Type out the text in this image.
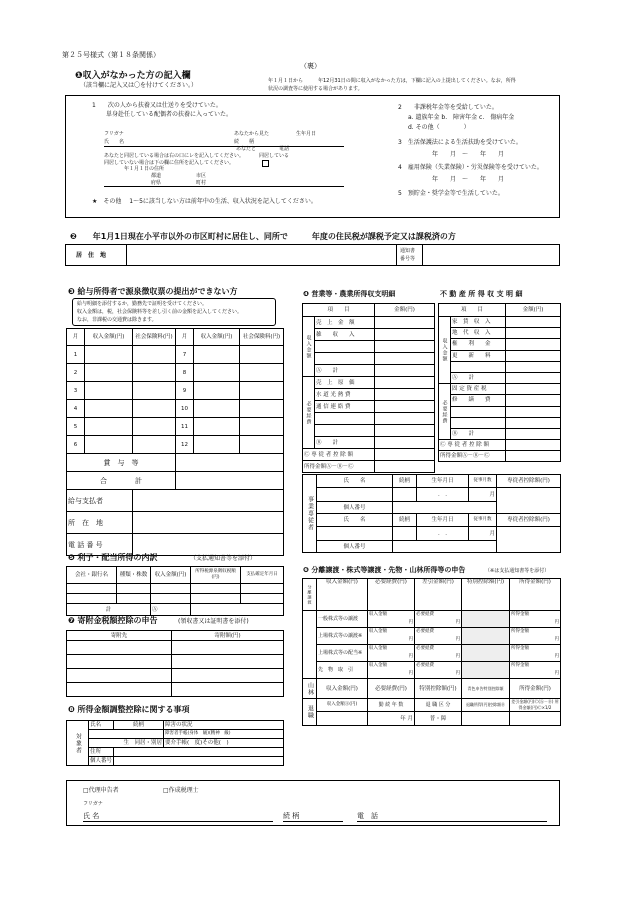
第２５号様式（第１８条関係）
（裏）
❶収入がなかった方の記入欄
（該当欄に記入又は〇を付けてください。）
年１月１日から　　　年12月31日の間に収入がなかった方は，下欄に記入の上提出してください。なお，所得
状況の調査等に使用する場合があります。
1　　次の人から扶養又は仕送りを受けていた。
単身赴任している配偶者の扶養に入っていた。
フリガナ
氏　　名
あなたから見た
続　　柄
生年月日
あなたと	電話
あなたと同居している場合は右の口にレを記入してください。
同居していない場合は下の欄に住所を記入してください。
同居している
年１月１日の住所
都道
府県
市区
町村
★　その他　 1～5に該当しない方は前年中の生活、収入状況を記入してください。
2　　非課税年金等を受給していた。
a. 遺族年金 b.　障害年金 c.　傷病年金
d. その他（　　　　）
3　生活保護法による生活扶助を受けていた。
年　　月　～　　年　　月
4　雇用保険（失業保険）・労災保険等を受けていた。
年　　月　～　　年　　月
5　預貯金・奨学金等で生活していた。
❷　　年1月1日現在小平市以外の市区町村に居住し、同所で　　　年度の住民税が課税予定又は課税済の方
居　住　地
通知書
番号等
❸ 給与所得者で源泉徴収票の提出ができない方
給与明細を添付するか，勤務先で証明を受けてください。
収入金額は，税，社会保険料等を差し引く前の金額を記入してください。
なお，非課税の交通費は除きます。
月	収入金額(円)	社会保険料(円)	月	収入金額(円)	社会保険料(円)
1			7		
2			8		
3			9		
4			10		
5			11		
6			12		
賞　与　等					
合　　　　計					
給与支払者					
所　在　地					
電 話 番 号					
❹ 営業等・農業所得収支明細	不 動 産 所 得 収 支 明 細
項　　目		金額(円)
収入金額	売　上　金　額	
	雑　　収　　入	

	Ⓐ　　計	
必要経費	売　上　原　価	
	水 道 光 熱 費	
	通 信 連 絡 費	

	Ⓑ　　計	
Ⓒ 専 従 者 控 除 額		
所得金額Ⓐ－Ⓑ－Ⓒ		
項　　目		金額(円)
収入金額	家　賃　収　入	
	地　代　収　入	
	権　　利　　金	
	更　　新　　料	

	Ⓐ　　計	
必要経費	固 定 資 産 税	
	修　　繕　　費	

	Ⓑ　　計	
Ⓒ 専 従 者 控 除 額		
所得金額Ⓐ－Ⓑ－Ⓒ		
事業専従者	氏　　名	続柄	生年月日	従事月数	専従者控除額(円)
			.　.	月	
	個人番号				
	氏　　名	続柄	生年月日	従事月数	専従者控除額(円)
			.　.	月	
	個人番号				
❺ 利子・配当所得の内訳	（支払通知書等を添付）
会社・銀行名	種類・株数	収入金額(円)	所得税源泉徴収税額(円)	支払確定年月日

計		Ⓐ		
❼ 寄附金税額控除の申告	(領収書又は証明書を添付)
寄附先	寄附額(円)

❽ 所得金額調整控除に関する事項
対象者	氏名	続柄	障害の状況
			障害者手帳(身体　級)(精神　級)
	生　同居・別居		要介手帳(　度)その他(　)
	住所		
	個人番号		
❻ 分離譲渡・株式等譲渡・先物・山林所得等の申告	（※は支払通知書等を添付）
分離譲渡	収入金額(円)	必要経費(円)	差引金額(円)	特別控除額(円)	所得金額(円)
	一般株式等の譲渡	収入金額	必要経費		所得金額
		円	円		円
	上場株式等の譲渡※	収入金額	必要経費		所得金額
		円	円		円
	上場株式等の配当※	収入金額	必要経費		所得金額
		円	円		円
	先　物　取　引	収入金額	必要経費		所得金額
		円	円		円
山林	収入金額(円)	必要経費(円)	特別控除額(円)	青色申告特別控除額	所得金額(円)
退職	収入金額Ⓐ(円)	勤 続 年 数	退 職 区 分	退職所得(円)控除額Ⓑ	差引金額(円)Ⓒ(Ⓐ－Ⓑ) 所得金額(円)Ⓒ×1/2
		年 月	普・障		
□代理申告者	□作成税理士
フリガナ
氏 名	続 柄	電　話
